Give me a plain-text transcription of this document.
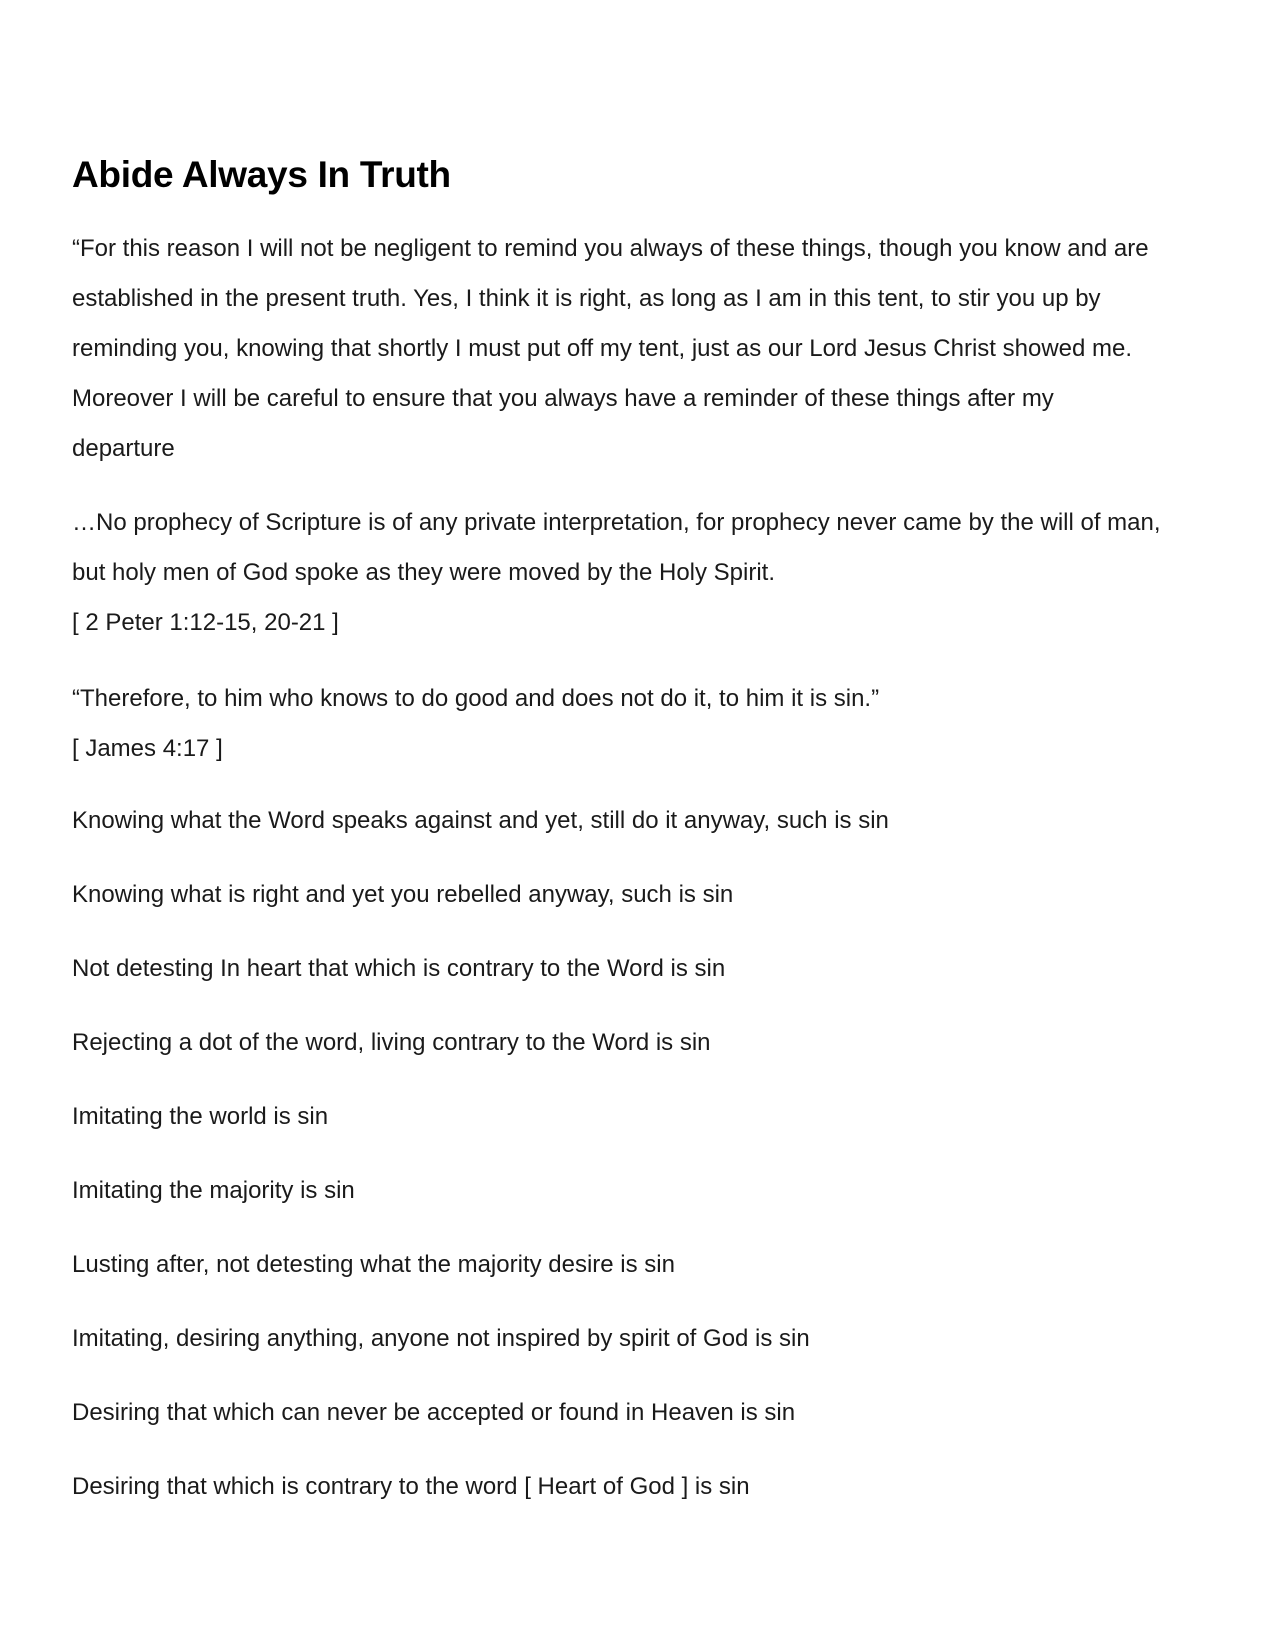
Abide Always In Truth
“For this reason I will not be negligent to remind you always of these things, though you know and are
established in the present truth. Yes, I think it is right, as long as I am in this tent, to stir you up by
reminding you, knowing that shortly I must put off my tent, just as our Lord Jesus Christ showed me.
Moreover I will be careful to ensure that you always have a reminder of these things after my
departure
…No prophecy of Scripture is of any private interpretation, for prophecy never came by the will of man,
but holy men of God spoke as they were moved by the Holy Spirit.
[ 2 Peter 1:12-15, 20-21 ]
“Therefore, to him who knows to do good and does not do it, to him it is sin.”
[ James 4:17 ]

Knowing what the Word speaks against and yet, still do it anyway, such is sin

Knowing what is right and yet you rebelled anyway, such is sin

Not detesting In heart that which is contrary to the Word is sin

Rejecting a dot of the word, living contrary to the Word is sin

Imitating the world is sin

Imitating the majority is sin

Lusting after, not detesting what the majority desire is sin

Imitating, desiring anything, anyone not inspired by spirit of God is sin

Desiring that which can never be accepted or found in Heaven is sin

Desiring that which is contrary to the word [ Heart of God ] is sin
